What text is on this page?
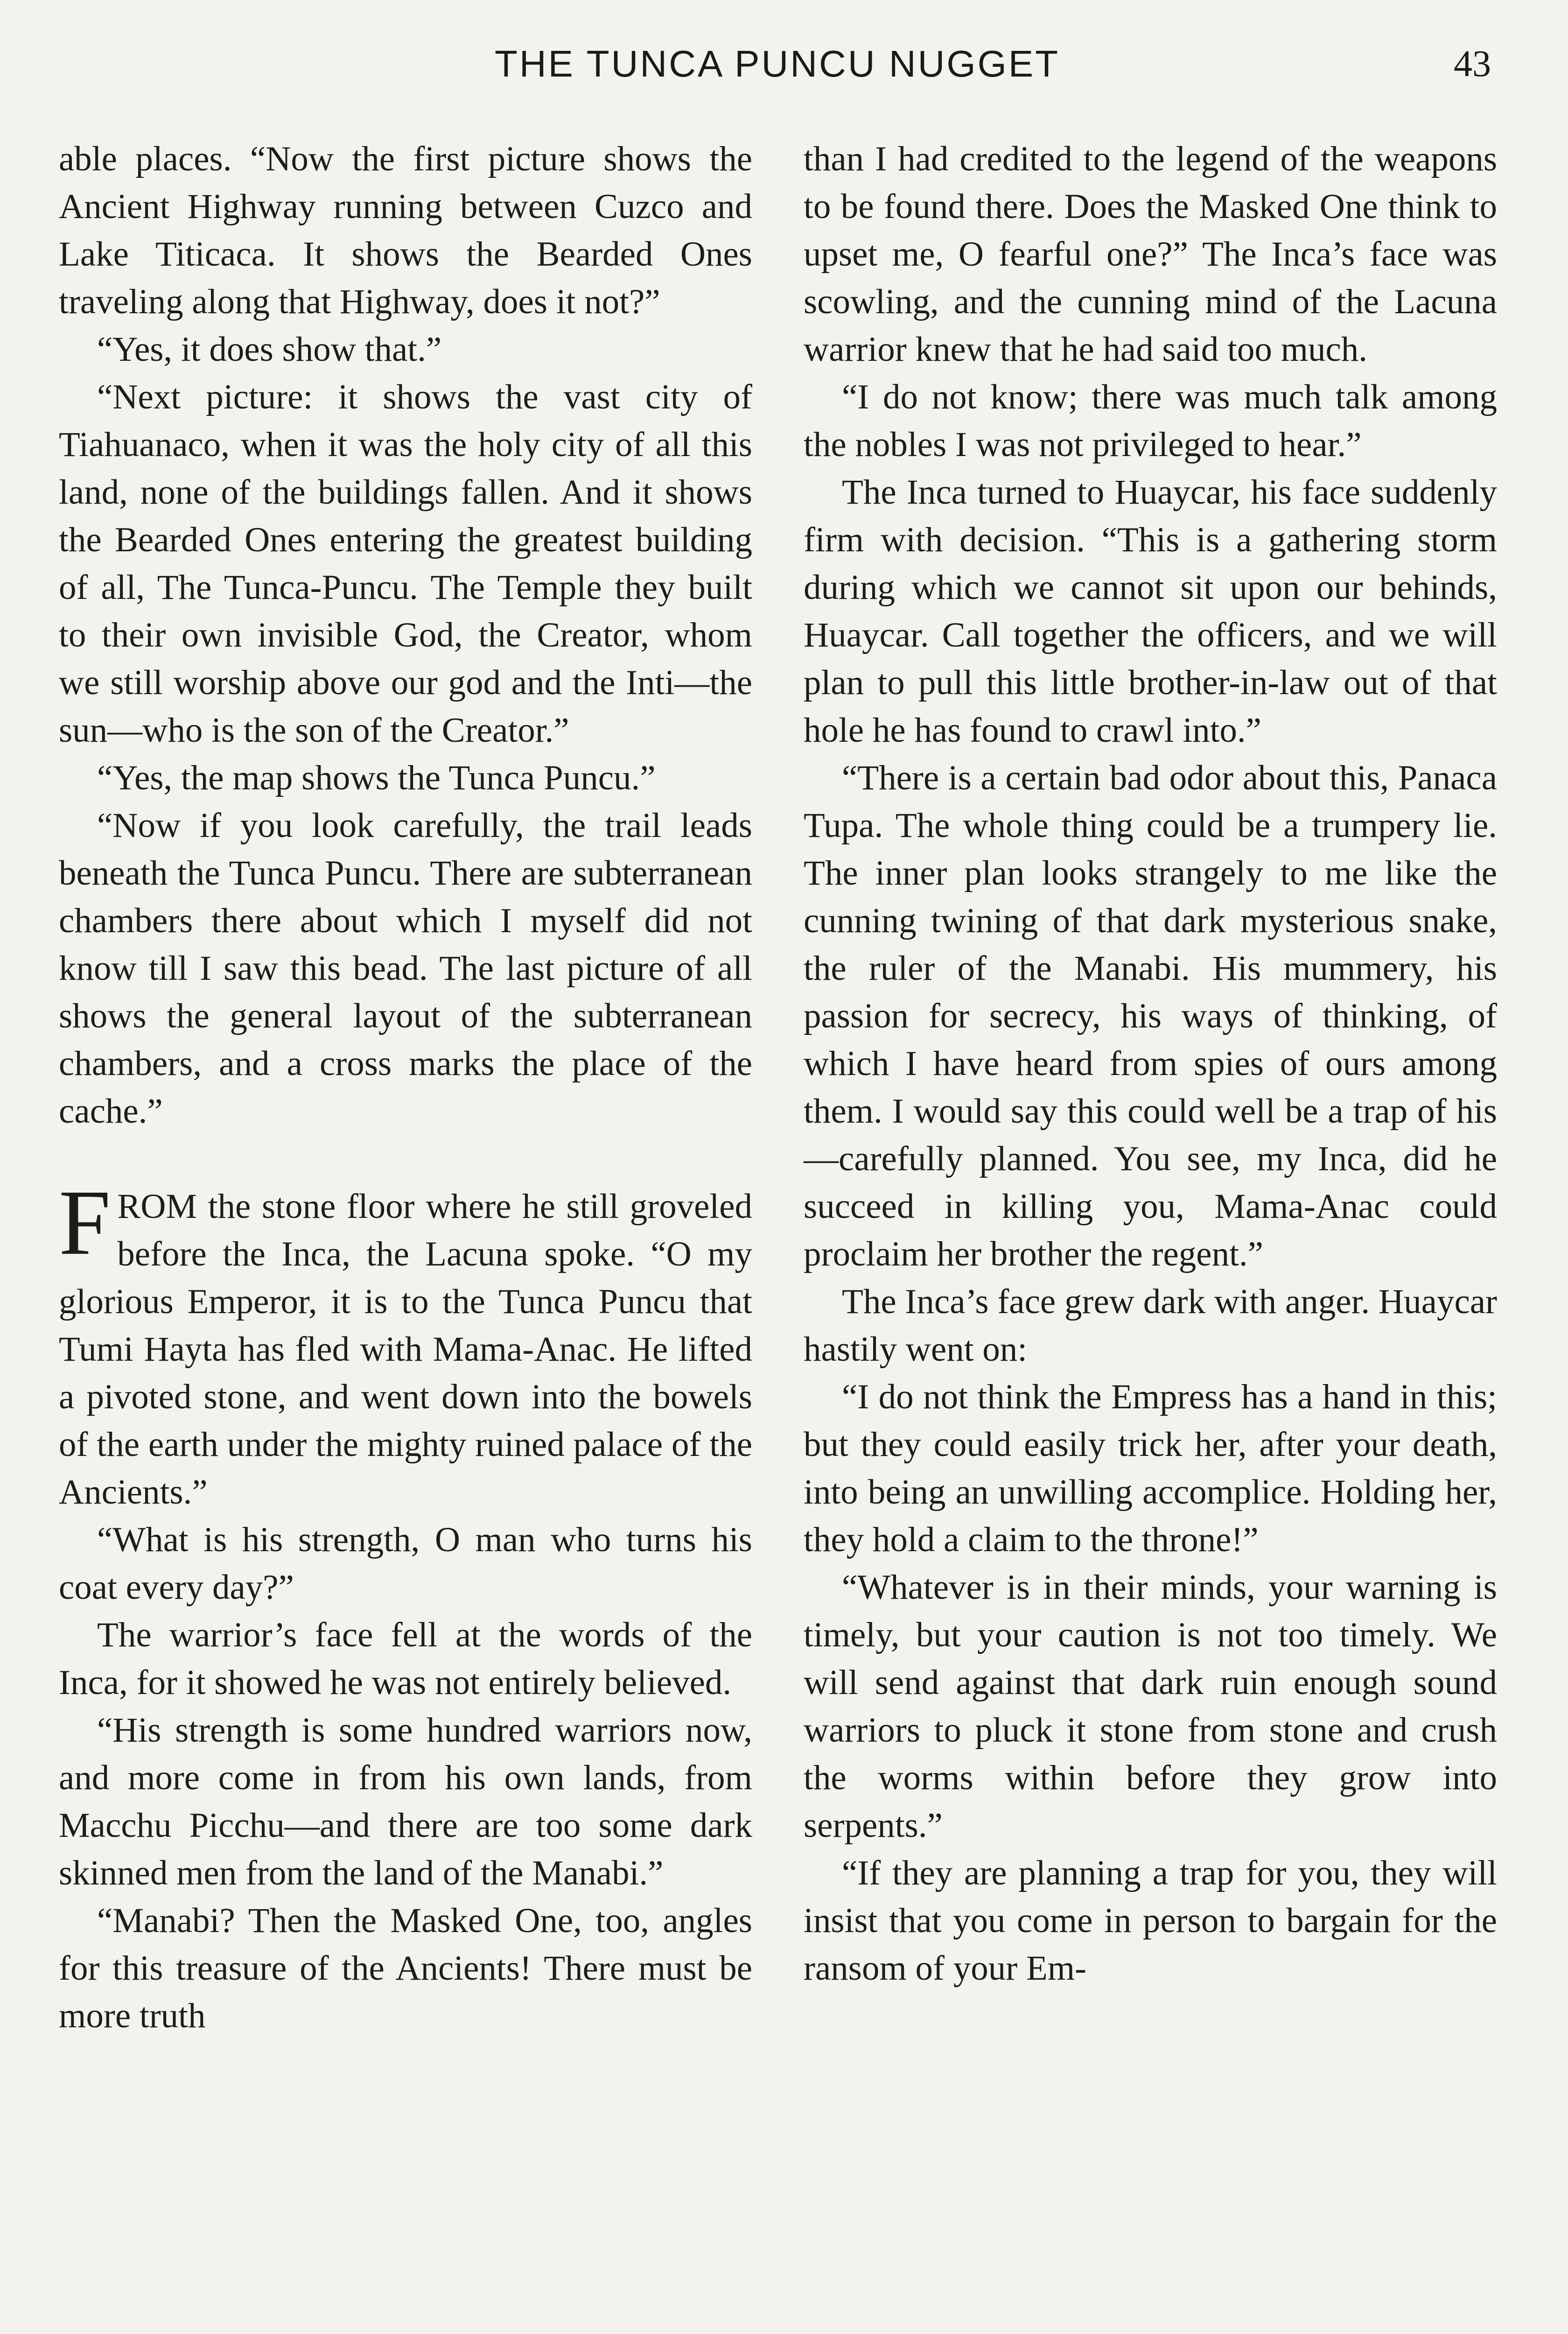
THE TUNCA PUNCU NUGGET	43

able places. “Now the first picture shows the Ancient Highway running between Cuzco and Lake Titicaca. It shows the Bearded Ones traveling along that Highway, does it not?”

“Yes, it does show that.”

“Next picture: it shows the vast city of Tiahuanaco, when it was the holy city of all this land, none of the buildings fallen. And it shows the Bearded Ones entering the greatest building of all, The Tunca-Puncu. The Temple they built to their own invisible God, the Creator, whom we still worship above our god and the Inti—the sun—who is the son of the Creator.”

“Yes, the map shows the Tunca Puncu.”

“Now if you look carefully, the trail leads beneath the Tunca Puncu. There are subterranean chambers there about which I myself did not know till I saw this bead. The last picture of all shows the general layout of the subterranean chambers, and a cross marks the place of the cache.”

FROM the stone floor where he still groveled before the Inca, the Lacuna spoke. “O my glorious Emperor, it is to the Tunca Puncu that Tumi Hayta has fled with Mama-Anac. He lifted a pivoted stone, and went down into the bowels of the earth under the mighty ruined palace of the Ancients.”

“What is his strength, O man who turns his coat every day?”

The warrior’s face fell at the words of the Inca, for it showed he was not entirely believed.

“His strength is some hundred warriors now, and more come in from his own lands, from Macchu Picchu—and there are too some dark skinned men from the land of the Manabi.”

“Manabi? Then the Masked One, too, angles for this treasure of the Ancients! There must be more truth

than I had credited to the legend of the weapons to be found there. Does the Masked One think to upset me, O fearful one?” The Inca’s face was scowling, and the cunning mind of the Lacuna warrior knew that he had said too much.

“I do not know; there was much talk among the nobles I was not privileged to hear.”

The Inca turned to Huaycar, his face suddenly firm with decision. “This is a gathering storm during which we cannot sit upon our behinds, Huaycar. Call together the officers, and we will plan to pull this little brother-in-law out of that hole he has found to crawl into.”

“There is a certain bad odor about this, Panaca Tupa. The whole thing could be a trumpery lie. The inner plan looks strangely to me like the cunning twining of that dark mysterious snake, the ruler of the Manabi. His mummery, his passion for secrecy, his ways of thinking, of which I have heard from spies of ours among them. I would say this could well be a trap of his—carefully planned. You see, my Inca, did he succeed in killing you, Mama-Anac could proclaim her brother the regent.”

The Inca’s face grew dark with anger. Huaycar hastily went on:

“I do not think the Empress has a hand in this; but they could easily trick her, after your death, into being an unwilling accomplice. Holding her, they hold a claim to the throne!”

“Whatever is in their minds, your warning is timely, but your caution is not too timely. We will send against that dark ruin enough sound warriors to pluck it stone from stone and crush the worms within before they grow into serpents.”

“If they are planning a trap for you, they will insist that you come in person to bargain for the ransom of your Em-
